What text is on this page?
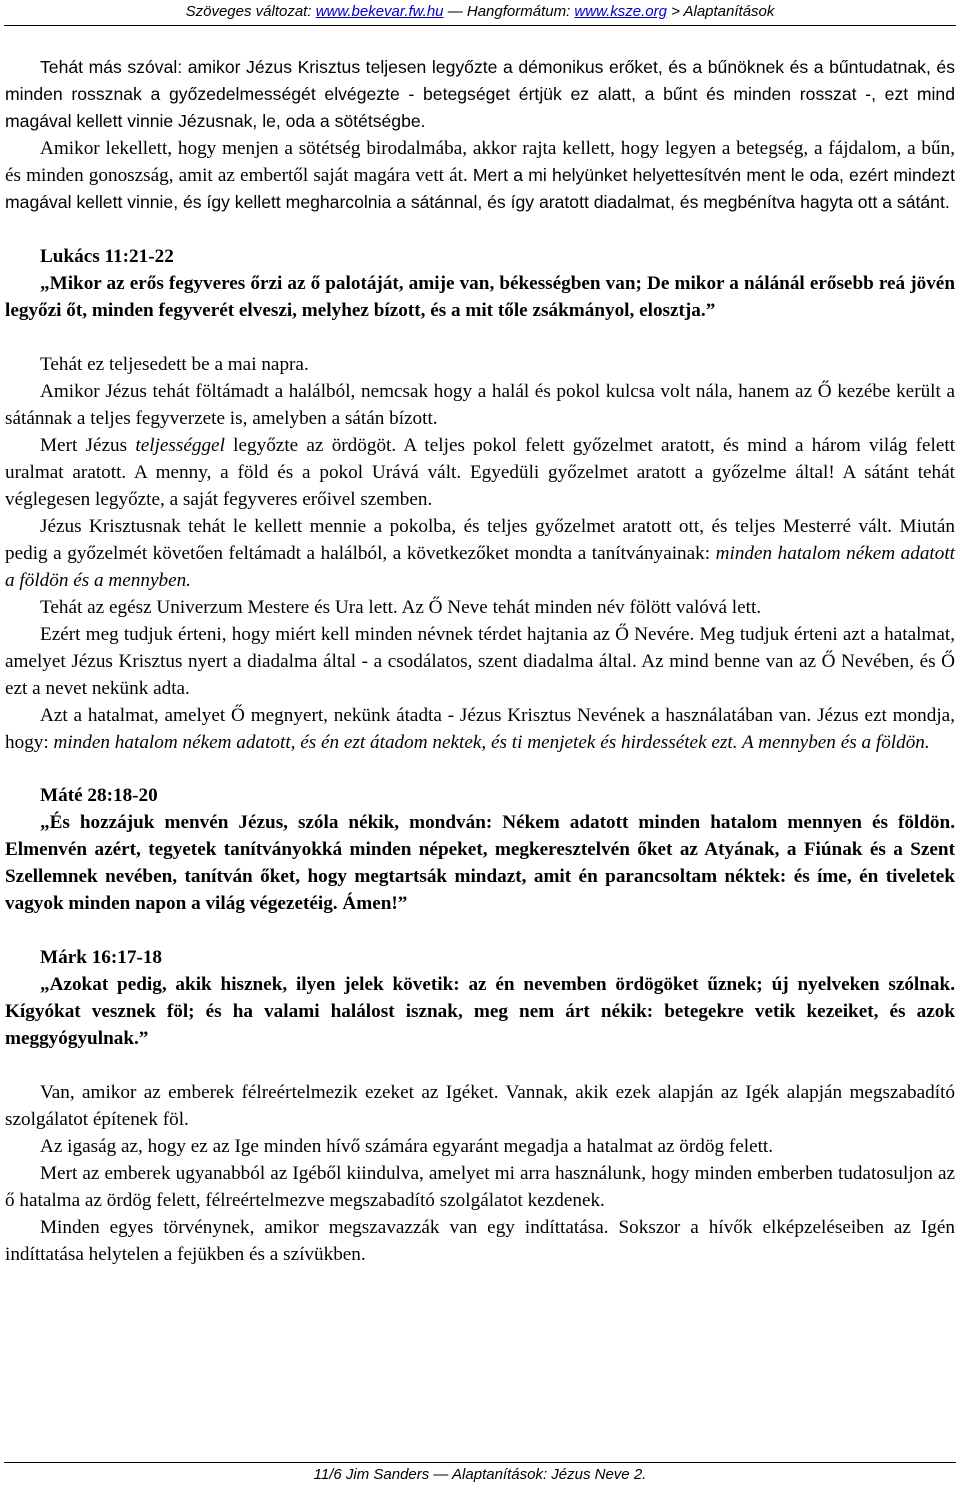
Szöveges változat: www.bekevar.fw.hu — Hangformátum: www.ksze.org > Alaptanítások

Tehát más szóval: amikor Jézus Krisztus teljesen legyőzte a démonikus erőket, és a bűnöknek és a bűntudatnak, és minden rossznak a győzedelmességét elvégezte - betegséget értjük ez alatt, a bűnt és minden rosszat -, ezt mind magával kellett vinnie Jézusnak, le, oda a sötétségbe.

Amikor lekellett, hogy menjen a sötétség birodalmába, akkor rajta kellett, hogy legyen a betegség, a fájdalom, a bűn, és minden gonoszság, amit az embertől saját magára vett át. Mert a mi helyünket helyettesítvén ment le oda, ezért mindezt magával kellett vinnie, és így kellett megharcolnia a sátánnal, és így aratott diadalmat, és megbénítva hagyta ott a sátánt.

Lukács 11:21-22

„Mikor az erős fegyveres őrzi az ő palotáját, amije van, békességben van; De mikor a nálánál erősebb reá jövén legyőzi őt, minden fegyverét elveszi, melyhez bízott, és a mit tőle zsákmányol, elosztja.”

Tehát ez teljesedett be a mai napra.

Amikor Jézus tehát föltámadt a halálból, nemcsak hogy a halál és pokol kulcsa volt nála, hanem az Ő kezébe került a sátánnak a teljes fegyverzete is, amelyben a sátán bízott.

Mert Jézus teljességgel legyőzte az ördögöt. A teljes pokol felett győzelmet aratott, és mind a három világ felett uralmat aratott. A menny, a föld és a pokol Urává vált. Egyedüli győzelmet aratott a győzelme által! A sátánt tehát véglegesen legyőzte, a saját fegyveres erőivel szemben.

Jézus Krisztusnak tehát le kellett mennie a pokolba, és teljes győzelmet aratott ott, és teljes Mesterré vált. Miután pedig a győzelmét követően feltámadt a halálból, a következőket mondta a tanítványainak: minden hatalom nékem adatott a földön és a mennyben.

Tehát az egész Univerzum Mestere és Ura lett. Az Ő Neve tehát minden név fölött valóvá lett.

Ezért meg tudjuk érteni, hogy miért kell minden névnek térdet hajtania az Ő Nevére. Meg tudjuk érteni azt a hatalmat, amelyet Jézus Krisztus nyert a diadalma által - a csodálatos, szent diadalma által. Az mind benne van az Ő Nevében, és Ő ezt a nevet nekünk adta.

Azt a hatalmat, amelyet Ő megnyert, nekünk átadta - Jézus Krisztus Nevének a használatában van. Jézus ezt mondja, hogy: minden hatalom nékem adatott, és én ezt átadom nektek, és ti menjetek és hirdessétek ezt. A mennyben és a földön.

Máté 28:18-20

„És hozzájuk menvén Jézus, szóla nékik, mondván: Nékem adatott minden hatalom mennyen és földön. Elmenvén azért, tegyetek tanítványokká minden népeket, megkeresztelvén őket az Atyának, a Fiúnak és a Szent Szellemnek nevében, tanítván őket, hogy megtartsák mindazt, amit én parancsoltam néktek: és íme, én tiveletek vagyok minden napon a világ végezetéig. Ámen!”

Márk 16:17-18

„Azokat pedig, akik hisznek, ilyen jelek követik: az én nevemben ördögöket űznek; új nyelveken szólnak. Kígyókat vesznek föl; és ha valami halálost isznak, meg nem árt nékik: betegekre vetik kezeiket, és azok meggyógyulnak.”

Van, amikor az emberek félreértelmezik ezeket az Igéket. Vannak, akik ezek alapján az Igék alapján megszabadító szolgálatot építenek föl.

Az igaság az, hogy ez az Ige minden hívő számára egyaránt megadja a hatalmat az ördög felett.

Mert az emberek ugyanabból az Igéből kiindulva, amelyet mi arra használunk, hogy minden emberben tudatosuljon az ő hatalma az ördög felett, félreértelmezve megszabadító szolgálatot kezdenek.

Minden egyes törvénynek, amikor megszavazzák van egy indíttatása. Sokszor a hívők elképzeléseiben az Igén indíttatása helytelen a fejükben és a szívükben.

11/6 Jim Sanders — Alaptanítások: Jézus Neve 2.
